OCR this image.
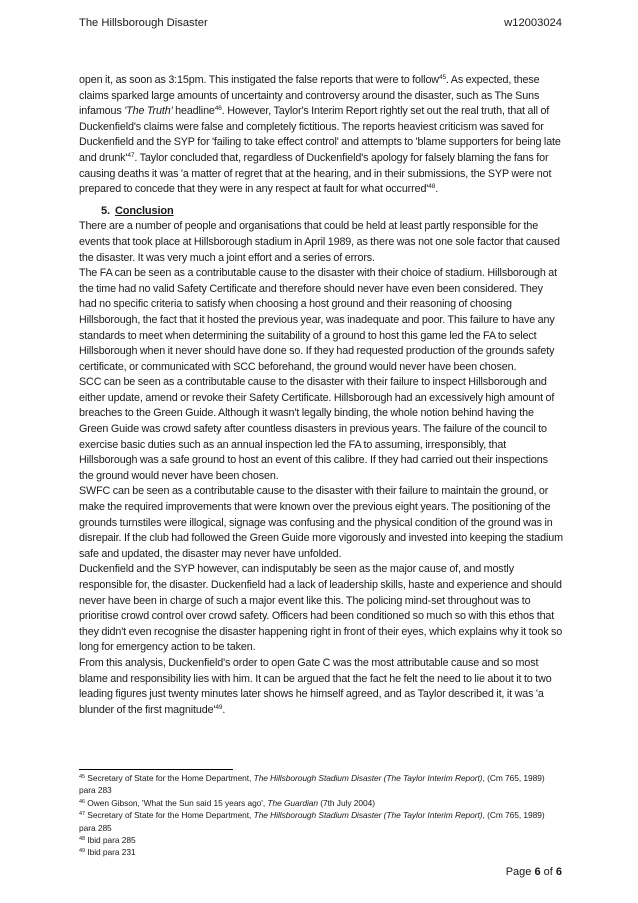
The Hillsborough Disaster	w12003024

open it, as soon as 3:15pm. This instigated the false reports that were to follow$^{45}$. As expected, these claims sparked large amounts of uncertainty and controversy around the disaster, such as The Suns infamous 'The Truth' headline$^{46}$. However, Taylor's Interim Report rightly set out the real truth, that all of Duckenfield's claims were false and completely fictitious. The reports heaviest criticism was saved for Duckenfield and the SYP for 'failing to take effect control' and attempts to 'blame supporters for being late and $drunk'^{47}$. Taylor concluded that, regardless of Duckenfield's apology for falsely blaming the fans for causing deaths it was 'a matter of regret that at the hearing, and in their submissions, the SYP were not prepared to concede that they were in any respect at fault for what $occurred'^{48}$.

5. Conclusion

There are a number of people and organisations that could be held at least partly responsible for the events that took place at Hillsborough stadium in April 1989, as there was not one sole factor that caused the disaster. It was very much a joint effort and a series of errors.

The FA can be seen as a contributable cause to the disaster with their choice of stadium. Hillsborough at the time had no valid Safety Certificate and therefore should never have even been considered. They had no specific criteria to satisfy when choosing a host ground and their reasoning of choosing Hillsborough, the fact that it hosted the previous year, was inadequate and poor. This failure to have any standards to meet when determining the suitability of a ground to host this game led the FA to select Hillsborough when it never should have done so. If they had requested production of the grounds safety certificate, or communicated with SCC beforehand, the ground would never have been chosen.

SCC can be seen as a contributable cause to the disaster with their failure to inspect Hillsborough and either update, amend or revoke their Safety Certificate. Hillsborough had an excessively high amount of breaches to the Green Guide. Although it wasn't legally binding, the whole notion behind having the Green Guide was crowd safety after countless disasters in previous years. The failure of the council to exercise basic duties such as an annual inspection led the FA to assuming, irresponsibly, that Hillsborough was a safe ground to host an event of this calibre. If they had carried out their inspections the ground would never have been chosen.

SWFC can be seen as a contributable cause to the disaster with their failure to maintain the ground, or make the required improvements that were known over the previous eight years. The positioning of the grounds turnstiles were illogical, signage was confusing and the physical condition of the ground was in disrepair. If the club had followed the Green Guide more vigorously and invested into keeping the stadium safe and updated, the disaster may never have unfolded.

Duckenfield and the SYP however, can indisputably be seen as the major cause of, and mostly responsible for, the disaster. Duckenfield had a lack of leadership skills, haste and experience and should never have been in charge of such a major event like this. The policing mind-set throughout was to prioritise crowd control over crowd safety. Officers had been conditioned so much so with this ethos that they didn't even recognise the disaster happening right in front of their eyes, which explains why it took so long for emergency action to be taken.

From this analysis, Duckenfield's order to open Gate C was the most attributable cause and so most blame and responsibility lies with him. It can be argued that the fact he felt the need to lie about it to two leading figures just twenty minutes later shows he himself agreed, and as Taylor described it, it was 'a blunder of the first $magnitude'^{49}$.

$^{45}$ Secretary of State for the Home Department, The Hillsborough Stadium Disaster (The Taylor Interim Report), (Cm 765, 1989) para 283

$^{46}$ Owen Gibson, 'What the Sun said 15 years ago', The Guardian (7th July 2004)

$^{47}$ Secretary of State for the Home Department, The Hillsborough Stadium Disaster (The Taylor Interim Report), (Cm 765, 1989) para 285

$^{48}$ Ibid para 285

$^{49}$ Ibid para 231

Page 6 of 6
